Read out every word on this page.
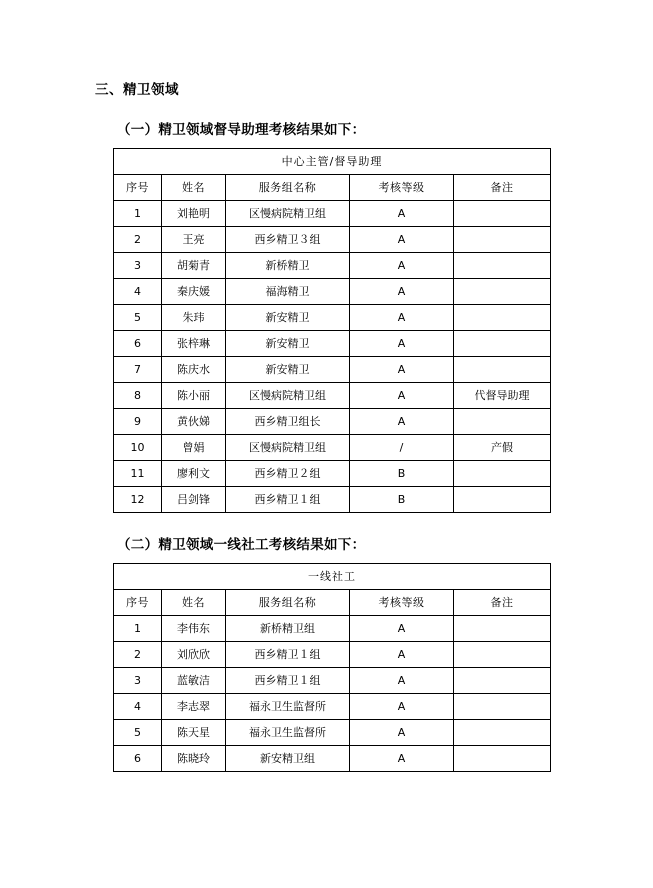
三、精卫领域
（一）精卫领域督导助理考核结果如下：
中心主管/督导助理				
序号	姓名	服务组名称	考核等级	备注
1	刘艳明	区慢病院精卫组	A	
2	王亮	西乡精卫３组	A	
3	胡菊青	新桥精卫	A	
4	秦庆媛	福海精卫	A	
5	朱玮	新安精卫	A	
6	张梓琳	新安精卫	A	
7	陈庆水	新安精卫	A	
8	陈小丽	区慢病院精卫组	A	代督导助理
9	黄伙娣	西乡精卫组长	A	
10	曾娟	区慢病院精卫组	/	产假
11	廖利文	西乡精卫２组	B	
12	吕剑锋	西乡精卫１组	B	
（二）精卫领域一线社工考核结果如下：
一线社工				
序号	姓名	服务组名称	考核等级	备注
1	李伟东	新桥精卫组	A	
2	刘欣欣	西乡精卫１组	A	
3	蓝敏洁	西乡精卫１组	A	
4	李志翠	福永卫生监督所	A	
5	陈天星	福永卫生监督所	A	
6	陈晓玲	新安精卫组	A	
